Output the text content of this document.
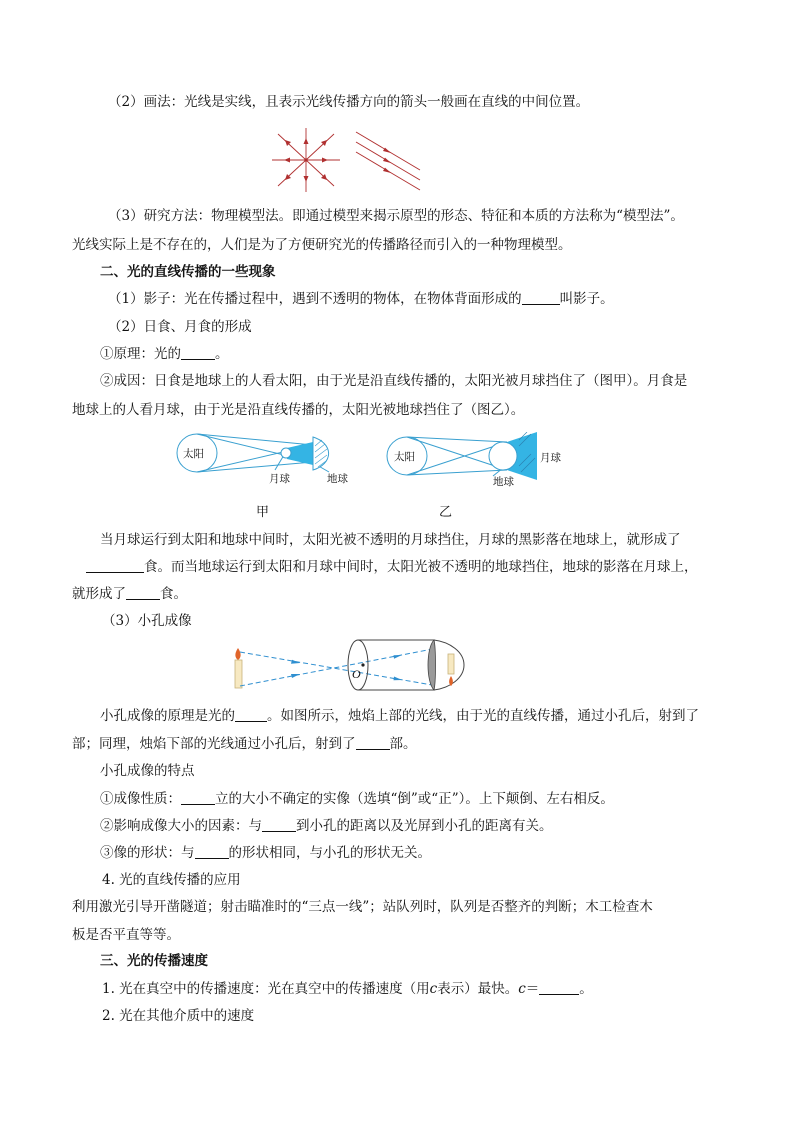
（2）画法：光线是实线，且表示光线传播方向的箭头一般画在直线的中间位置。
（3）研究方法：物理模型法。即通过模型来揭示原型的形态、特征和本质的方法称为“模型法”。
光线实际上是不存在的，人们是为了方便研究光的传播路径而引入的一种物理模型。
二、光的直线传播的一些现象
（1）影子：光在传播过程中，遇到不透明的物体，在物体背面形成的	叫影子。
（2）日食、月食的形成
①原理：光的	。
②成因：日食是地球上的人看太阳，由于光是沿直线传播的，太阳光被月球挡住了（图甲）。月食是
地球上的人看月球，由于光是沿直线传播的，太阳光被地球挡住了（图乙）。
太阳
月球	地球
太阳	月球
地球
甲	乙
当月球运行到太阳和地球中间时，太阳光被不透明的月球挡住，月球的黑影落在地球上，就形成了
食。而当地球运行到太阳和月球中间时，太阳光被不透明的地球挡住，地球的影落在月球上，
就形成了	食。
（3）小孔成像
O
小孔成像的原理是光的 。如图所示，烛焰上部的光线，由于光的直线传播，通过小孔后，射到了
部；同理，烛焰下部的光线通过小孔后，射到了	部。
小孔成像的特点
①成像性质：	立的大小不确定的实像（选填“倒”或“正”）。上下颠倒、左右相反。
②影响成像大小的因素：与	到小孔的距离以及光屏到小孔的距离有关。
③像的形状：与	的形状相同，与小孔的形状无关。
4. 光的直线传播的应用
利用激光引导开凿隧道；射击瞄准时的“三点一线”；站队列时，队列是否整齐的判断；木工检查木
板是否平直等等。
三、光的传播速度
1. 光在真空中的传播速度：光在真空中的传播速度（用c表示）最快。c＝	。
2. 光在其他介质中的速度
